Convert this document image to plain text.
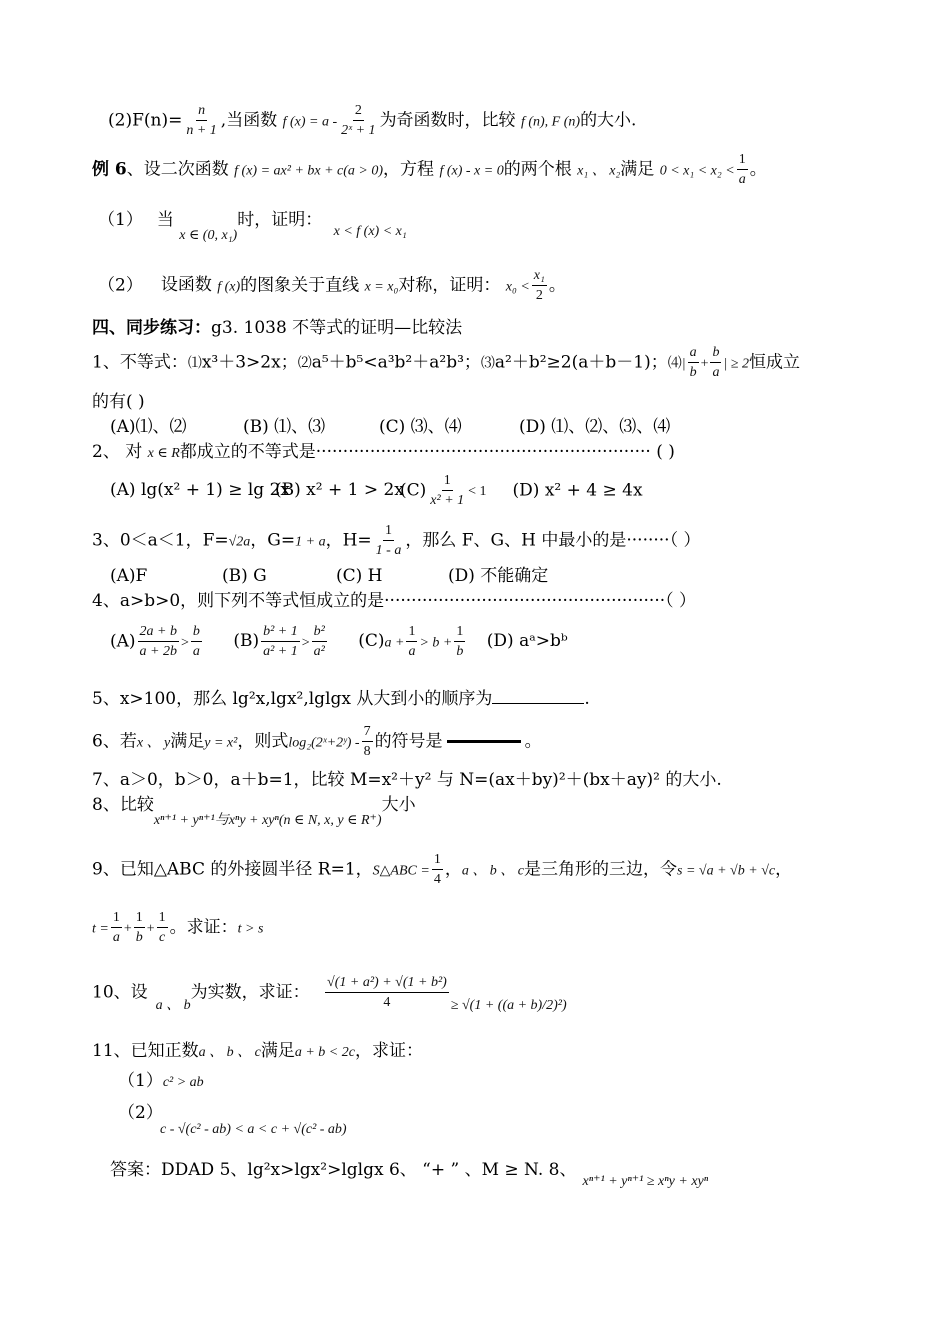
$(2)F(n)= \frac{n}{n + 1}$ ,当函数 f $(x) = a - \frac{2}{\text{2ˣ + 1}}$ 为奇函数时，比较 f (n), F (n)的大小.
例 6、设二次函数 f (x) = ax² + bx + c(a > 0)，方程 f (x) - x = 0的两个根 x₁ 、 x₂满足 $0 < x_1 < x_2 < \frac{1}{a}$ 。
（1） 当 $_{x \in (0, x_1)}$时，证明： $_{x < f (x) < x_1}$
（2） 设函数 f (x)的图象关于直线 x = x₀对称，证明： $x_0 < \frac{\text{x₁}}{2}$ 。
四、同步练习：g3. 1038 不等式的证明—比较法
1、不等式：⑴x³＋3>2x；⑵a⁵＋b⁵<a³b²＋a²b³；⑶a²＋b²≥2(a＋b－1)；⑷| $\frac{a}{b} + \frac{b}{a}$ | ≥ 2恒成立
的有( )
(A)⑴、⑵	(B) ⑴、⑶	(C) ⑶、⑷	(D) ⑴、⑵、⑶、⑷
2、 对 x ∈ R都成立的不等式是······························································ ( )
(A) lg(x² + 1) ≥ lg 2x(B) $x^2 + 1 > 2x(C) \frac{1}{\text{x² + 1}} < 1$ (D) x² + 4 ≥ 4x
3、0＜a＜1，F=√2a，G=1 + a，$H= \frac{1}{1 - a}$ ，那么 F、G、H 中最小的是········（ ）
(A)F	(B) G	(C) H	(D) 不能确定
4、a>b>0，则下列不等式恒成立的是····················································（ ）
$(A) \frac{2a + b}{a + 2b} > \frac{b}{a} (B) \frac{\text{b² + 1}}{\text{a² + 1}} > \frac{\text{b²}}{\text{a²}} (C)a + \frac{1}{a} > b + \frac{1}{b} (D)$ aᵃ>bᵇ
5、x>100，那么 lg²x,lgx²,lglgx 从大到小的顺序为	.
6、若x 、 y满足y = x²，则式log₂(2ˣ+2ʸ) - $\frac{7}{8}$ 的符号是	。
7、a＞0，b＞0，a＋b=1，比较 M=x²＋y² 与 N=(ax＋by)²＋(bx＋ay)² 的大小.
8、比较$_{x^{n+1} + y^{n+1}与x^ny + xy^n(n \in N, x, y \in R^+)}$大小
9、已知△ABC 的外接圆半径 R=1，S△ABC = $\frac{1}{4}$ ，a 、 b 、 c是三角形的三边，令s = √a + √b + √c，
$t = \frac{1}{a} + \frac{1}{b} + \frac{1}{c}$ 。求证：t > s
10、设$_{a 、 b}$为实数，求证： $\frac{\text{√(1 + a²) + √(1 + b²)}}{4} _{\ge √(1 + ((a + b)/2)^2)}$
11、已知正数a 、 b 、 c满足a + b < 2c，求证：
（1）c² > ab
（2）
c - √(c² - ab) < a < c + √(c² - ab)
答案：DDAD 5、lg²x>lgx²>lglgx 6、 “+ ” 、M ≥ N. 8、$_{x^{n+1} + y^{n+1} \ge x^ny + xy^n}$
